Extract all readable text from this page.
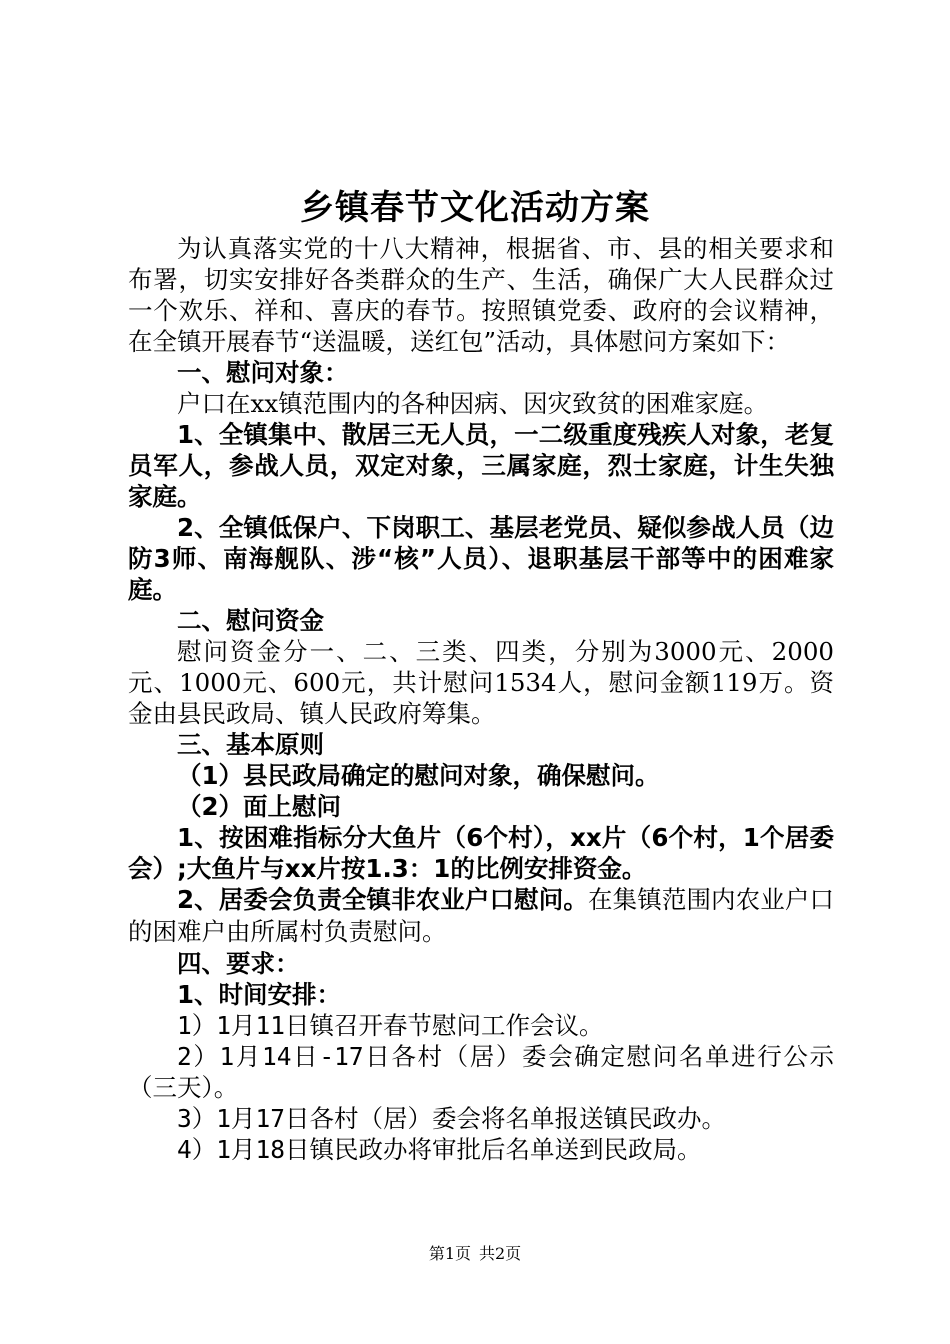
乡镇春节文化活动方案

为认真落实党的十八大精神，根据省、市、县的相关要求和布署，切实安排好各类群众的生产、生活，确保广大人民群众过一个欢乐、祥和、喜庆的春节。按照镇党委、政府的会议精神，在全镇开展春节“送温暖，送红包”活动，具体慰问方案如下：

一、慰问对象：

户口在xx镇范围内的各种因病、因灾致贫的困难家庭。

1、全镇集中、散居三无人员，一二级重度残疾人对象，老复员军人，参战人员，双定对象，三属家庭，烈士家庭，计生失独家庭。

2、全镇低保户、下岗职工、基层老党员、疑似参战人员（边防3师、南海舰队、涉“核”人员）、退职基层干部等中的困难家庭。

二、慰问资金

慰问资金分一、二、三类、四类，分别为3000元、2000元、1000元、600元，共计慰问1534人，慰问金额119万。资金由县民政局、镇人民政府筹集。

三、基本原则

（1）县民政局确定的慰问对象，确保慰问。

（2）面上慰问

1、按困难指标分大鱼片（6个村），xx片（6个村，1个居委会）;大鱼片与xx片按1.3：1的比例安排资金。

2、居委会负责全镇非农业户口慰问。在集镇范围内农业户口的困难户由所属村负责慰问。

四、要求：

1、时间安排：

1）1月11日镇召开春节慰问工作会议。

2）1月14日-17日各村（居）委会确定慰问名单进行公示（三天）。

3）1月17日各村（居）委会将名单报送镇民政办。

4）1月18日镇民政办将审批后名单送到民政局。

第1页 共2页
